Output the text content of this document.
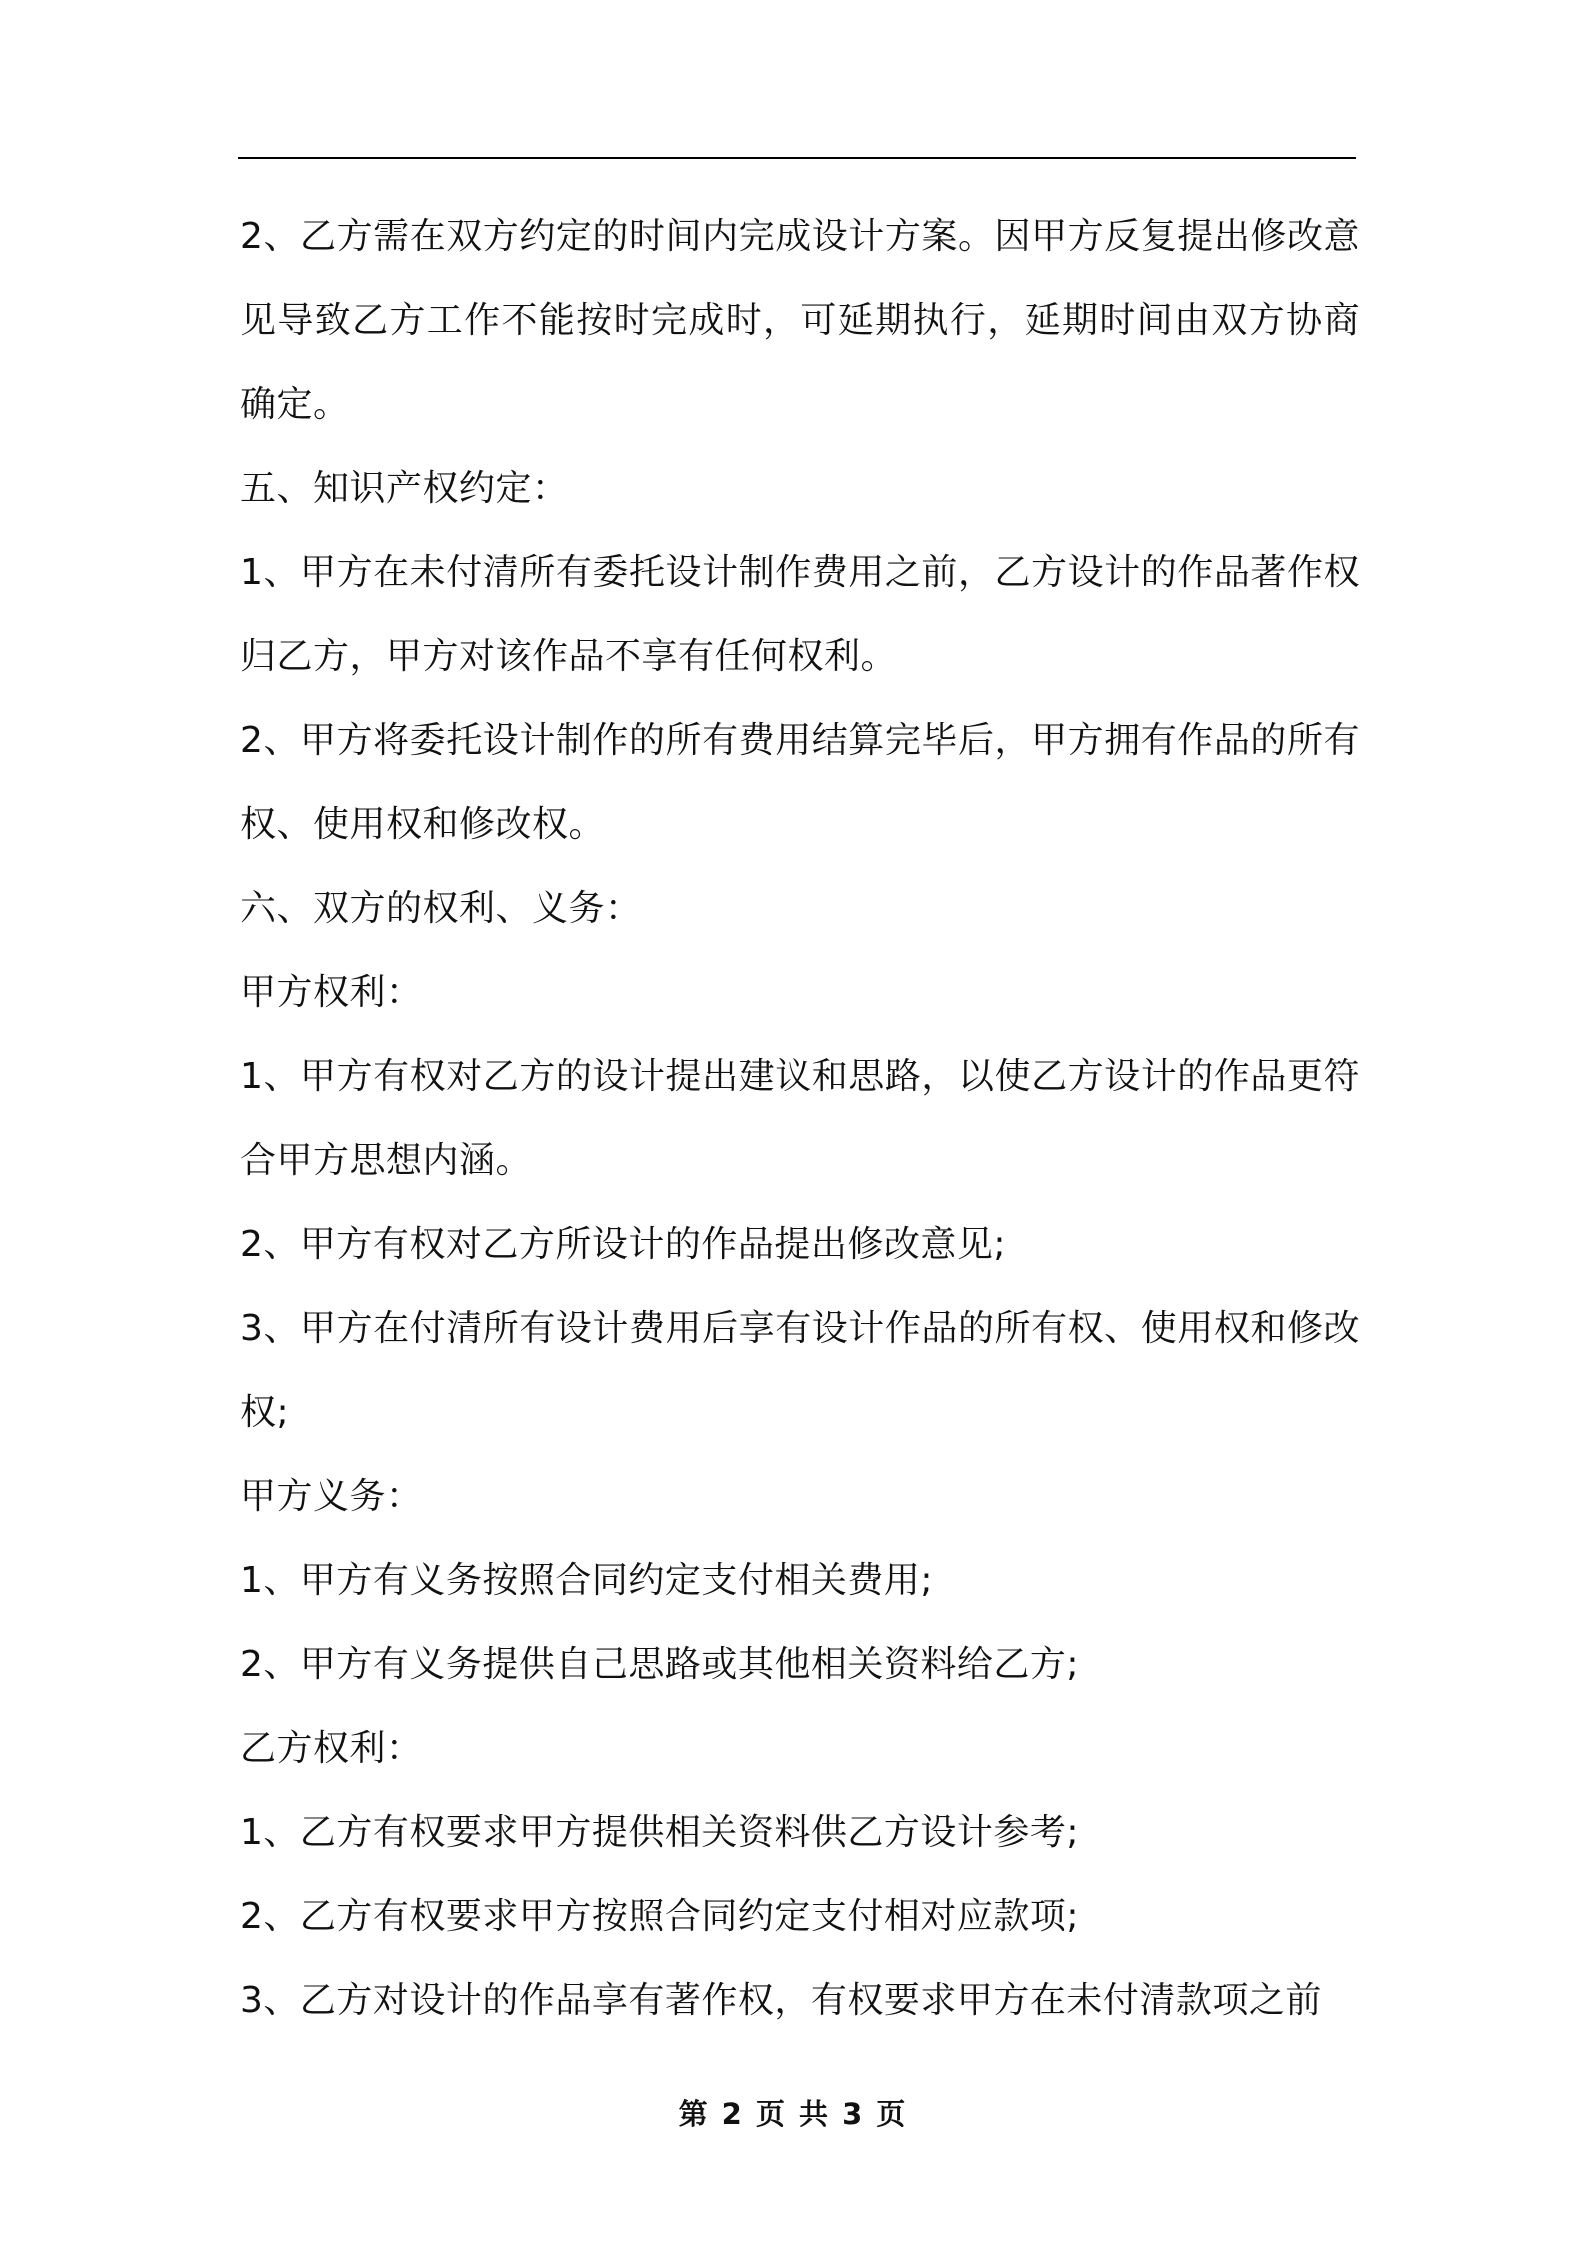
2、乙方需在双方约定的时间内完成设计方案。因甲方反复提出修改意见导致乙方工作不能按时完成时，可延期执行，延期时间由双方协商确定。

五、知识产权约定：

1、甲方在未付清所有委托设计制作费用之前，乙方设计的作品著作权归乙方，甲方对该作品不享有任何权利。

2、甲方将委托设计制作的所有费用结算完毕后，甲方拥有作品的所有权、使用权和修改权。

六、双方的权利、义务：

甲方权利：

1、甲方有权对乙方的设计提出建议和思路，以使乙方设计的作品更符合甲方思想内涵。

2、甲方有权对乙方所设计的作品提出修改意见;

3、甲方在付清所有设计费用后享有设计作品的所有权、使用权和修改权;

甲方义务：

1、甲方有义务按照合同约定支付相关费用;

2、甲方有义务提供自己思路或其他相关资料给乙方;

乙方权利：

1、乙方有权要求甲方提供相关资料供乙方设计参考;

2、乙方有权要求甲方按照合同约定支付相对应款项;

3、乙方对设计的作品享有著作权，有权要求甲方在未付清款项之前

第 2 页 共 3 页
